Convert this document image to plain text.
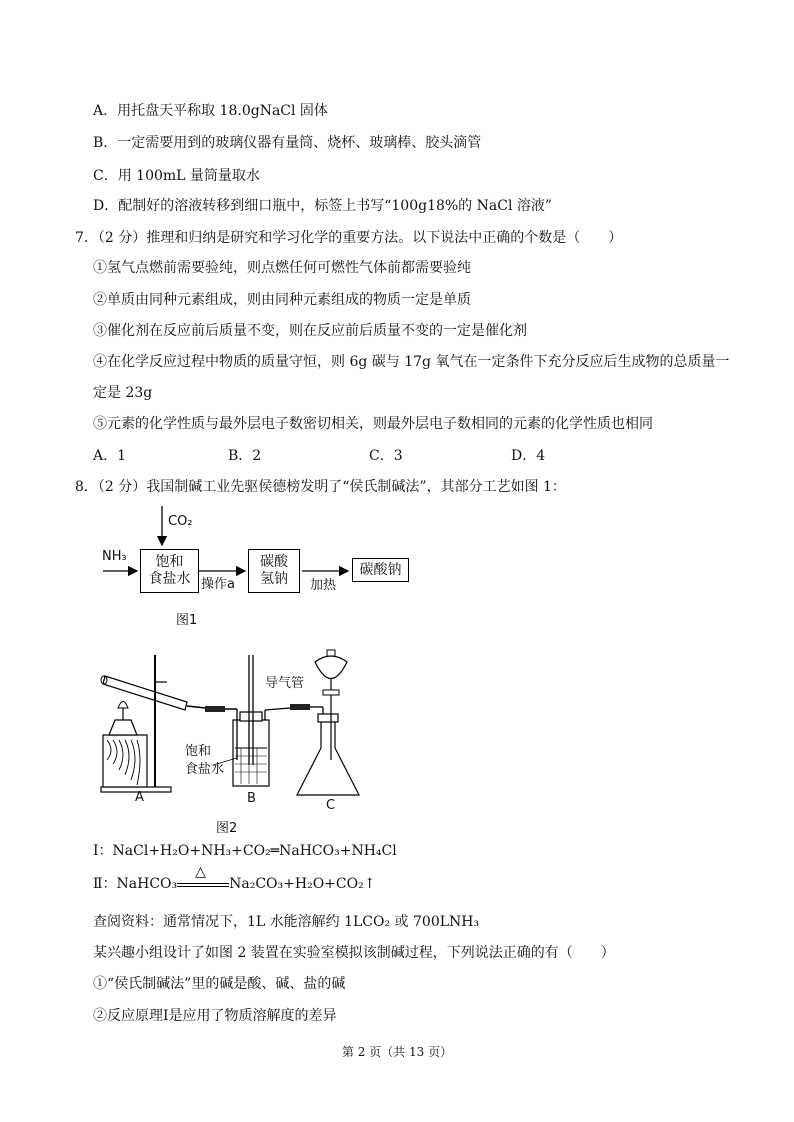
A．用托盘天平称取 18.0gNaCl 固体
B．一定需要用到的玻璃仪器有量筒、烧杯、玻璃棒、胶头滴管
C．用 100mL 量筒量取水
D．配制好的溶液转移到细口瓶中，标签上书写“100g18%的 NaCl 溶液”
7．（2 分）推理和归纳是研究和学习化学的重要方法。以下说法中正确的个数是（　　）
①氢气点燃前需要验纯，则点燃任何可燃性气体前都需要验纯
②单质由同种元素组成，则由同种元素组成的物质一定是单质
③催化剂在反应前后质量不变，则在反应前后质量不变的一定是催化剂
④在化学反应过程中物质的质量守恒，则 6g 碳与 17g 氧气在一定条件下充分反应后生成物的总质量一
定是 23g
⑤元素的化学性质与最外层电子数密切相关，则最外层电子数相同的元素的化学性质也相同
A．1	B．2	C．3	D．4
8．（2 分）我国制碱工业先驱侯德榜发明了“侯氏制碱法”，其部分工艺如图 1：
CO₂
NH₃ 饱和
食盐水 操作a
碳酸
氢钠 加热
碳酸钠
图1
导气管
饱和
食盐水
A	B	C
图2
Ⅰ：NaCl+H₂O+NH₃+CO₂═NaHCO₃+NH₄Cl
Ⅱ：NaHCO₃
△
Na₂CO₃+H₂O+CO₂↑
查阅资料：通常情况下，1L 水能溶解约 1LCO₂ 或 700LNH₃
某兴趣小组设计了如图 2 装置在实验室模拟该制碱过程，下列说法正确的有（　　）
①“侯氏制碱法”里的碱是酸、碱、盐的碱
②反应原理Ⅰ是应用了物质溶解度的差异
第 2 页（共 13 页）
